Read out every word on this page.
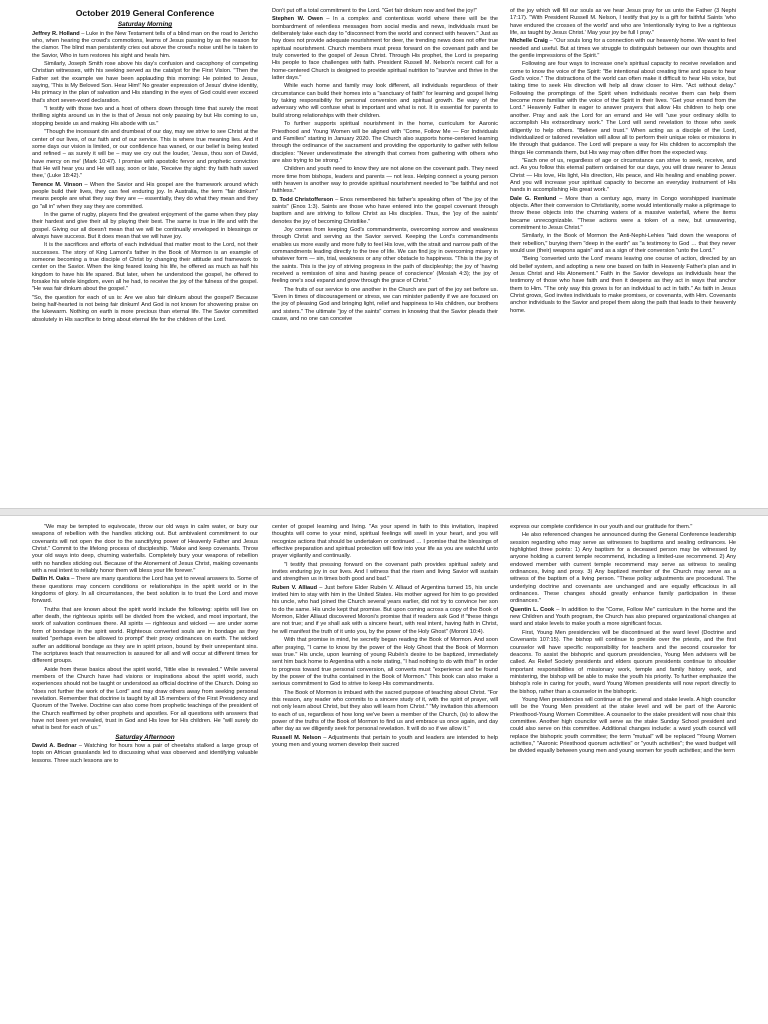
October 2019 General Conference
Saturday Morning

Jeffrey R. Holland – Luke in the New Testament tells of a blind man on the road to Jericho who, when hearing the crowd's commotions, learns of Jesus passing by as the reason for the clamor. The blind man persistently cries out above the crowd's noise until he is taken to the Savior, Who in turn restores his sight and heals him.

Similarly, Joseph Smith rose above his day's confusion and cacophony of competing Christian witnesses, with his seeking served as the catalyst for the First Vision. "Then the Father set the example we have been applauding this morning: He pointed to Jesus, saying, 'This is My Beloved Son. Hear Him!' No greater expression of Jesus' divine identity, His primacy in the plan of salvation and His standing in the eyes of God could ever exceed that's short seven-word declaration.

"I testify with those two and a host of others down through time that surely the most thrilling sights around us in the is that of Jesus not only passing by but His coming to us, stopping beside us and making His abode with us."

"Though the incessant din and drumbeat of our day, may we strive to see Christ at the center of our lives, of our faith and of our service. This is where true meaning lies. And if some days our vision is limited, or our confidence has waned, or our belief is being tested and refined – as surely it will be – may we cry out the louder, 'Jesus, thou son of David, have mercy on me' (Mark 10:47). I promise with apostolic fervor and prophetic conviction that He will hear you and He will say, soon or late, 'Receive thy sight: thy faith hath saved thee,' (Luke 18:42)."

Terence M. Vinson – When the Savior and His gospel are the framework around which people build their lives, they can feel enduring joy. In Australia, the term "fair dinkum" means people are what they say they are — essentially, they do what they mean and they go "all in" when they say they are committed.

In the game of rugby, players find the greatest enjoyment of the game when they play their hardest and give their all by playing their best. The same is true in life and with the gospel. Giving our all doesn't mean that we will be continually enveloped in blessings or always have success. But it does mean that we will have joy.

It is the sacrifices and efforts of each individual that matter most to the Lord, not their successes. The story of King Lamoni's father in the Book of Mormon is an example of someone becoming a true disciple of Christ by changing their attitude and framework to center on the Savior. When the king feared losing his life, he offered as much as half his kingdom to have his life spared. But later, when he understood the gospel, he offered to forsake his whole kingdom, even all he had, to receive the joy of the fulness of the gospel. "He was fair dinkum about the gospel."

"So, the question for each of us is: Are we also fair dinkum about the gospel? Because being half-hearted is not being fair dinkum! And God is not known for showering praise on the lukewarm. Nothing on earth is more precious than eternal life. The Savior committed absolutely in His sacrifice to bring about eternal life for the children of the Lord.

Don't put off a total commitment to the Lord. "Get fair dinkum now and feel the joy!"

Stephen W. Owen – In a complex and contentious world where there will be the bombardment of relentless messages from social media and news, individuals must be deliberately take each day to "disconnect from the world and connect with heaven." Just as hay does not provide adequate nourishment for deer, the trending news does not offer true spiritual nourishment. Church members must press forward on the covenant path and be truly converted to the gospel of Jesus Christ. Through His prophet, the Lord is preparing His people to face challenges with faith. President Russell M. Nelson's recent call for a home-centered Church is designed to provide spiritual nutrition to "survive and thrive in the latter days."

While each home and family may look different, all individuals regardless of their circumstance can build their homes into a "sanctuary of faith" for learning and gospel living by taking responsibility for personal conversion and spiritual growth. Be wary of the adversary who will confuse what is important and what is not. It is essential for parents to build strong relationships with their children.

To further supports spiritual nourishment in the home, curriculum for Aaronic Priesthood and Young Women will be aligned with "Come, Follow Me — For Individuals and Families" starting in January 2020. The Church also supports home-centered learning through the ordinance of the sacrament and providing the opportunity to gather with fellow disciples: "Never underestimate the strength that comes from gathering with others who are also trying to be strong."

Children and youth need to know they are not alone on the covenant path. They need more time from bishops, leaders and parents — not less. Helping connect a young person with heaven is another way to provide spiritual nourishment needed to "be faithful and not faithless."

D. Todd Christofferson – Enos remembered his father's speaking often of "the joy of the saints" (Enos 1:3). Saints are those who have entered into the gospel covenant through baptism and are striving to follow Christ as His disciples. Thus, the 'joy of the saints' denotes the joy of becoming Christlike."

Joy comes from keeping God's commandments, overcoming sorrow and weakness through Christ and serving as the Savior served. Keeping the Lord's commandments enables us more easily and more fully to feel His love, with the strait and narrow path of the commandments leading directly to the tree of life. We can find joy in overcoming misery in whatever form — sin, trial, weakness or any other obstacle to happiness. "This is the joy of the saints. This is the joy of striving progress in the path of discipleship; the joy of 'having received a remission of sins and having peace of conscience' (Mosiah 4:3); the joy of feeling one's soul expand and grow through the grace of Christ."

The fruits of our service to one another in the Church are part of the joy set before us. "Even in times of discouragement or stress, we can minister patiently if we are focused on the joy of pleasing God and bringing light, relief and happiness to His children, our brothers and sisters." The ultimate "joy of the saints" comes in knowing that the Savior pleads their cause, and no one can conceive

of the joy which will fill our souls as we hear Jesus pray for us unto the Father (3 Nephi 17:17). "With President Russell M. Nelson, I testify that joy is a gift for faithful Saints 'who have endured the crosses of the world' and who are 'intentionally trying to live a righteous life, as taught by Jesus Christ.' May your joy be full I pray."

Michelle Craig – "Our souls long for a connection with our heavenly home. We want to feel needed and useful. But at times we struggle to distinguish between our own thoughts and the gentle impressions of the Spirit."

Following are four ways to increase one's spiritual capacity to receive revelation and come to know the voice of the Spirit: "Be intentional about creating time and space to hear God's voice." The distractions of the world can often make it difficult to hear His voice, but taking time to seek His direction will help all draw closer to Him. "Act without delay." Following the promptings of the Spirit when individuals receive them can help them become more familiar with the voice of the Spirit in their lives. "Get your errand from the Lord." Heavenly Father is eager to answer prayers that allow His children to help one another. Pray and ask the Lord for an errand and He will "use your ordinary skills to accomplish His extraordinary work." The Lord will send revelation to those who seek diligently to help others. "Believe and trust." When acting as a disciple of the Lord, individualized or tailored revelation will allow all to perform their unique roles or missions in life through that guidance. The Lord will prepare a way for His children to accomplish the things He commands them, but His way may often differ from the expected way.

"Each one of us, regardless of age or circumstance can strive to seek, receive, and act. As you follow this eternal pattern ordained for our days, you will draw nearer to Jesus Christ — His love, His light, His direction, His peace, and His healing and enabling power. And you will increase your spiritual capacity to become an everyday instrument of His hands in accomplishing His great work."

Dale G. Renlund – More than a century ago, many in Congo worshipped inanimate objects. After their conversion to Christianity, some would intentionally make a pilgrimage to throw these objects into the churning waters of a massive waterfall, where the items became unrecognizable. "These actions were a token of a new, but unwavering, commitment to Jesus Christ."

Similarly, in the Book of Mormon the Anti-Nephi-Lehies "laid down the weapons of their rebellion," burying them "deep in the earth" as "a testimony to God … that they never would use (their) weapons again" and as a sign of their conversion "unto the Lord."

"Being 'converted unto the Lord' means leaving one course of action, directed by an old belief system, and adopting a new one based on faith in Heavenly Father's plan and in Jesus Christ and His Atonement." Faith in the Savior develops as individuals hear the testimony of those who have faith and then it deepens as they act in ways that anchor them to Him. "The only way this grows is for an individual to act in faith." As faith in Jesus Christ grows, God invites individuals to make promises, or covenants, with Him. Covenants anchor individuals to the Savior and propel them along the path that leads to their heavenly home.

"We may be tempted to equivocate, throw our old ways in calm water, or bury our weapons of rebellion with the handles sticking out. But ambivalent commitment to our covenants will not open the door to the sanctifying power of Heavenly Father and Jesus Christ." Commit to the lifelong process of discipleship. "Make and keep covenants. Throw your old ways into deep, churning waterfalls. Completely bury your weapons of rebellion with no handles sticking out. Because of the Atonement of Jesus Christ, making covenants with a real intent to reliably honor them will bless your life forever."

Dallin H. Oaks – There are many questions the Lord has yet to reveal answers to. Some of these questions may concern conditions or relationships in the spirit world or in the kingdoms of glory. In all circumstances, the best solution is to trust the Lord and move forward.

Truths that are known about the spirit world include the following: spirits will live on after death, the righteous spirits will be divided from the wicked, and most important, the work of salvation continues there. All spirits — righteous and wicked — are under some form of bondage in the spirit world. Righteous converted souls are in bondage as they waited "perhaps even be allowed to prompt" their proxy ordinances on earth. The wicked suffer an additional bondage as they are in spirit prison, bound by their unrepentant sins. The scriptures teach that resurrection is assured for all and will occur at different times for different groups.

Aside from these basics about the spirit world, "little else is revealed." While several members of the Church have had visions or inspirations about the spirit world, such experiences should not be taught or understood as official doctrine of the Church. Doing so "does not further the work of the Lord" and may draw others away from seeking personal revelation. Remember that doctrine is taught by all 15 members of the First Presidency and Quorum of the Twelve. Doctrine can also come from prophetic teachings of the president of the Church reaffirmed by other prophets and apostles. For all questions with answers that have not been yet revealed, trust in God and His love for His children. He "will surely do what is best for each of us."

Saturday Afternoon

David A. Bednar – Watching for hours how a pair of cheetahs stalked a large group of topis on African grasslands led to discussing what was observed and identifying valuable lessons. Three such lessons are to

center of gospel learning and living. "As your spend in faith to this invitation, inspired thoughts will come to your mind, spiritual feelings will swell in your heart, and you will recognize actions that should be undertaken or continued … I promise that the blessings of effective preparation and spiritual protection will flow into your life as you are watchful unto prayer vigilantly and continually.

"I testify that pressing forward on the covenant path provides spiritual safety and invites enduring joy in our lives. And I witness that the risen and living Savior will sustain and strengthen us in times both good and bad."

Ruben V. Alliaud – Just before Elder Rubén V. Alliaud of Argentina turned 15, his uncle invited him to stay with him in the United States. His mother agreed for him to go provided his uncle, who had joined the Church several years earlier, did not try to convince her son to do the same. His uncle kept that promise. But upon coming across a copy of the Book of Mormon, Elder Alliaud discovered Moroni's promise that if readers ask God if "these things are not true; and if ye shall ask with a sincere heart, with real intent, having faith in Christ, he will manifest the truth of it unto you, by the power of the Holy Ghost" (Moroni 10:4).

With that promise in mind, he secretly began reading the Book of Mormon. And soon after praying, "I came to know by the power of the Holy Ghost that the Book of Mormon was true." His uncle, upon learning of young Rubén's desire to be baptized, immediately sent him back home to Argentina with a note stating, "I had nothing to do with this!" In order to progress toward true personal conversion, all converts must "experience and be found by the power of the truths contained in the Book of Mormon." This book can also make a serious commitment to God to strive to keep His commandments.

The Book of Mormon is imbued with the sacred purpose of teaching about Christ. "For this reason, any reader who commits to a sincere study of it, with the spirit of prayer, will not only learn about Christ, but they also will learn from Christ." "My invitation this afternoon to each of us, regardless of how long we've been a member of the Church, (is) to allow the power of the truths of the Book of Mormon to find us and embrace us once again, and day after day as we diligently seek for personal revelation. It will do so if we allow it."

Russell M. Nelson – Adjustments that pertain to youth and leaders are intended to help young men and young women develop their sacred

express our complete confidence in our youth and our gratitude for them."

He also referenced changes he announced during the General Conference leadership session regarding who may serve as witnesses to baptisms and sealing ordinances. He highlighted three points: 1) Any baptism for a deceased person may be witnessed by anyone holding a current temple recommend, including a limited-use recommend. 2) Any endowed member with current temple recommend may serve as witness to sealing ordinances, living and proxy. 3) Any baptized member of the Church may serve as a witness of the baptism of a living person. "These policy adjustments are procedural. The underlying doctrine and covenants are unchanged and are equally efficacious in all ordinances. These changes should greatly enhance family participation in these ordinances."

Quentin L. Cook – In addition to the "Come, Follow Me" curriculum in the home and the new Children and Youth program, the Church has also prepared organizational changes at ward and stake levels to make youth a more significant focus.

First, Young Men presidencies will be discontinued at the ward level (Doctrine and Covenants 107:15). The bishop will continue to preside over the priests, and the first counselor will have specific responsibility for teachers and the second counselor for deacons. To assist the bishopric and quorum presidencies, Young Men advisers will be called. As Relief Society presidents and elders quorum presidents continue to shoulder important responsibilities of missionary work, temple and family history work, and ministering, the bishop will be able to make the youth his priority. To further emphasize the bishop's role in caring for youth, ward Young Women presidents will now report directly to the bishop, rather than a counselor in the bishopric.

Young Men presidencies will continue at the general and stake levels. A high councilor will be the Young Men president at the stake level and will be part of the Aaronic Priesthood-Young Women Committee. A counselor to the stake president will now chair this committee. Another high councilor will serve as the stake Sunday School president and could also serve on this committee. Additional changes include: a ward youth council will replace the bishopric youth committee; the term "mutual" will be replaced "Young Women activities," "Aaronic Priesthood quorum activities" or "youth activities"; the ward budget will be divided equally between young men and young women for youth activities; and the term
